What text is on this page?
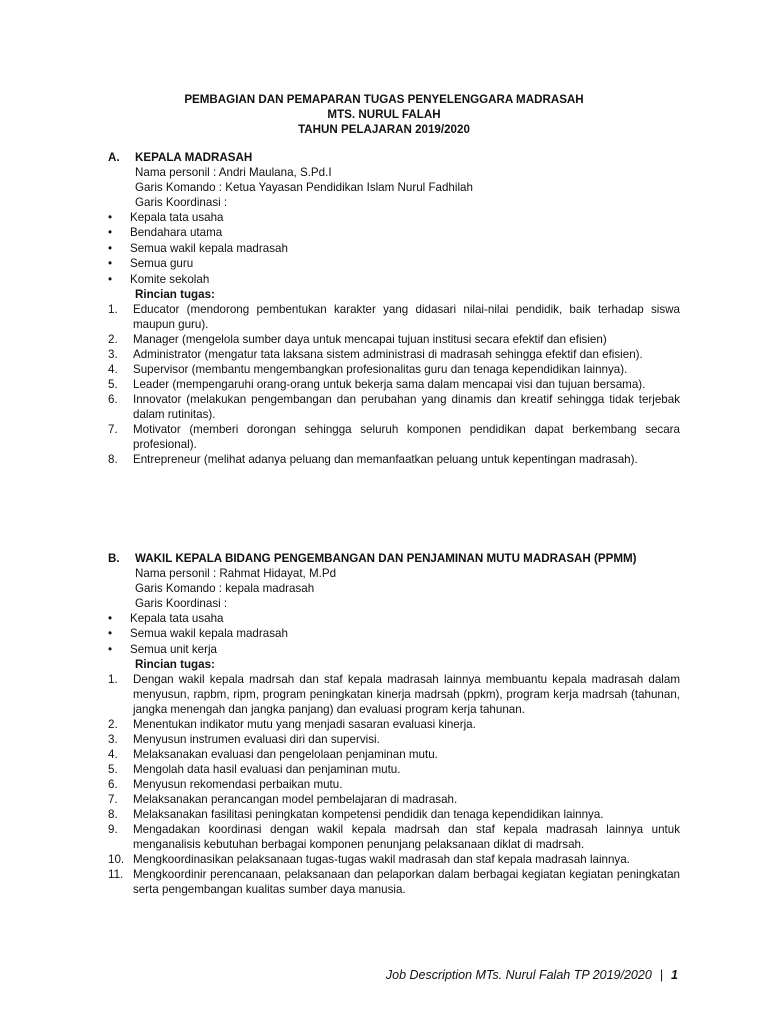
PEMBAGIAN DAN PEMAPARAN TUGAS PENYELENGGARA MADRASAH
MTS. NURUL FALAH
TAHUN PELAJARAN 2019/2020
A.	KEPALA MADRASAH
Nama personil : Andri Maulana, S.Pd.I
Garis Komando : Ketua Yayasan Pendidikan Islam Nurul Fadhilah
Garis Koordinasi :
•	Kepala tata usaha
•	Bendahara utama
•	Semua wakil kepala madrasah
•	Semua guru
•	Komite sekolah
Rincian tugas:
1.	Educator (mendorong pembentukan karakter yang didasari nilai-nilai pendidik, baik terhadap siswa maupun guru).
2.	Manager (mengelola sumber daya untuk mencapai tujuan institusi secara efektif dan efisien)
3.	Administrator (mengatur tata laksana sistem administrasi di madrasah sehingga efektif dan efisien).
4.	Supervisor (membantu mengembangkan profesionalitas guru dan tenaga kependidikan lainnya).
5.	Leader (mempengaruhi orang-orang untuk bekerja sama dalam mencapai visi dan tujuan bersama).
6.	Innovator (melakukan pengembangan dan perubahan yang dinamis dan kreatif sehingga tidak terjebak dalam rutinitas).
7.	Motivator (memberi dorongan sehingga seluruh komponen pendidikan dapat berkembang secara profesional).
8.	Entrepreneur (melihat adanya peluang dan memanfaatkan peluang untuk kepentingan madrasah).
B.	WAKIL KEPALA BIDANG PENGEMBANGAN DAN PENJAMINAN MUTU MADRASAH (PPMM)
Nama personil : Rahmat Hidayat, M.Pd
Garis Komando : kepala madrasah
Garis Koordinasi :
•	Kepala tata usaha
•	Semua wakil kepala madrasah
•	Semua unit kerja
Rincian tugas:
1.	Dengan wakil kepala madrsah dan staf kepala madrasah lainnya membuantu kepala madrasah dalam menyusun, rapbm, ripm, program peningkatan kinerja madrsah (ppkm), program kerja madrsah (tahunan, jangka menengah dan jangka panjang) dan evaluasi program kerja tahunan.
2.	Menentukan indikator mutu yang menjadi sasaran evaluasi kinerja.
3.	Menyusun instrumen evaluasi diri dan supervisi.
4.	Melaksanakan evaluasi dan pengelolaan penjaminan mutu.
5.	Mengolah data hasil evaluasi dan penjaminan mutu.
6.	Menyusun rekomendasi perbaikan mutu.
7.	Melaksanakan perancangan model pembelajaran di madrasah.
8.	Melaksanakan fasilitasi peningkatan kompetensi pendidik dan tenaga kependidikan lainnya.
9.	Mengadakan koordinasi dengan wakil kepala madrsah dan staf kepala madrasah lainnya untuk menganalisis kebutuhan berbagai komponen penunjang pelaksanaan diklat di madrsah.
10. Mengkoordinasikan pelaksanaan tugas-tugas wakil madrasah dan staf kepala madrasah lainnya.
11. Mengkoordinir perencanaan, pelaksanaan dan pelaporkan dalam berbagai kegiatan kegiatan peningkatan serta pengembangan kualitas sumber daya manusia.
Job Description MTs. Nurul Falah TP 2019/2020 | 1
